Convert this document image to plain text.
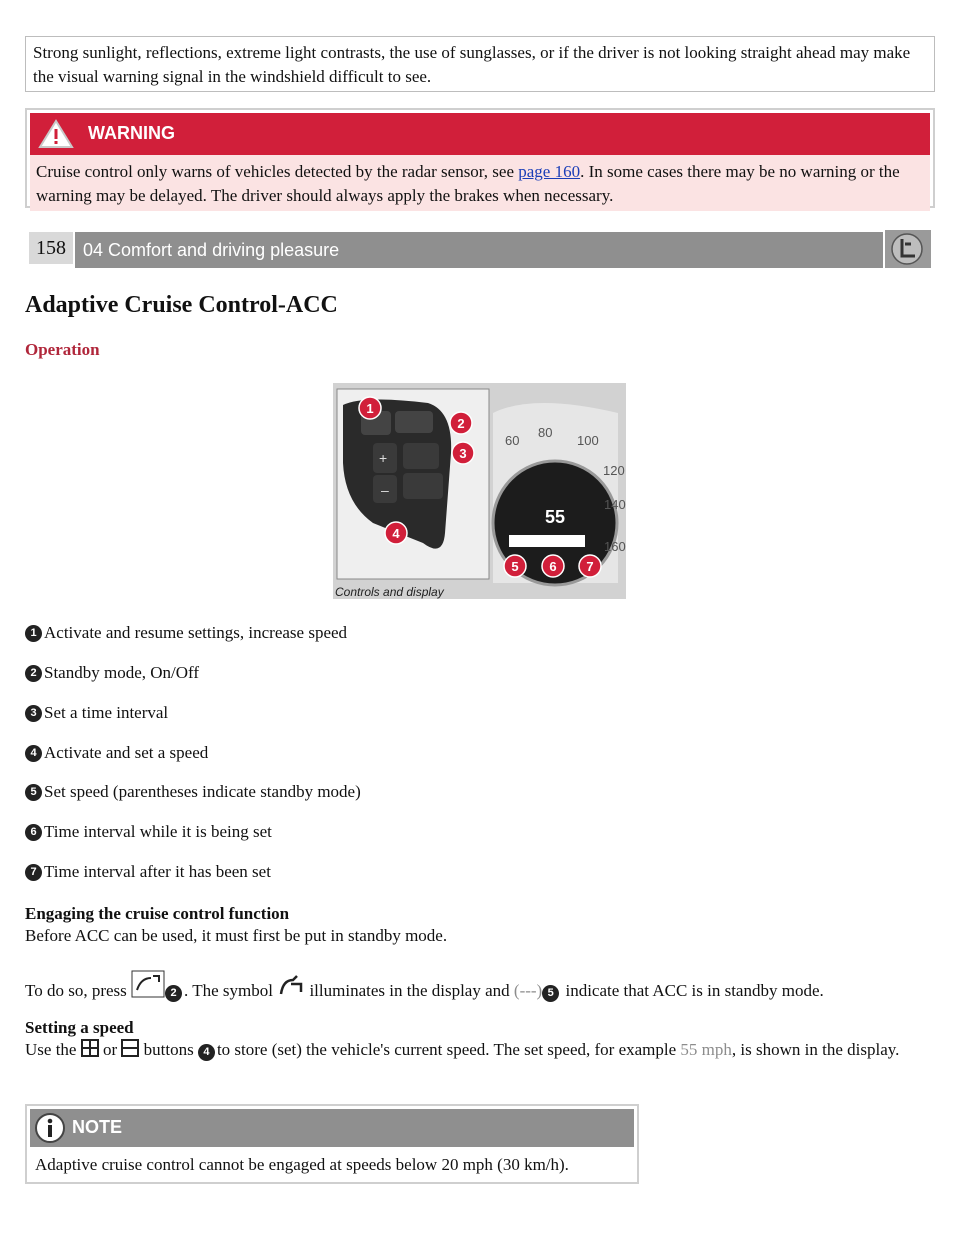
Strong sunlight, reflections, extreme light contrasts, the use of sunglasses, or if the driver is not looking straight ahead may make the visual warning signal in the windshield difficult to see.
WARNING
Cruise control only warns of vehicles detected by the radar sensor, see page 160. In some cases there may be no warning or the warning may be delayed. The driver should always apply the brakes when necessary.
158 04 Comfort and driving pleasure
Adaptive Cruise Control-ACC
Operation
+
–
60
80
100
120
140
160
55
1
2
3
4
5 6 7
Controls and display
1 Activate and resume settings, increase speed
2 Standby mode, On/Off
3 Set a time interval
4 Activate and set a speed
5 Set speed (parentheses indicate standby mode)
6 Time interval while it is being set
7 Time interval after it has been set
Engaging the cruise control function
Before ACC can be used, it must first be put in standby mode.
To do so, press	2 . The symbol  illuminates in the display and (---) 5 indicate that ACC is in standby mode.
Setting a speed
Use the  or  buttons 4 to store (set) the vehicle's current speed. The set speed, for example 55 mph, is shown in the display.
NOTE
Adaptive cruise control cannot be engaged at speeds below 20 mph (30 km/h).
